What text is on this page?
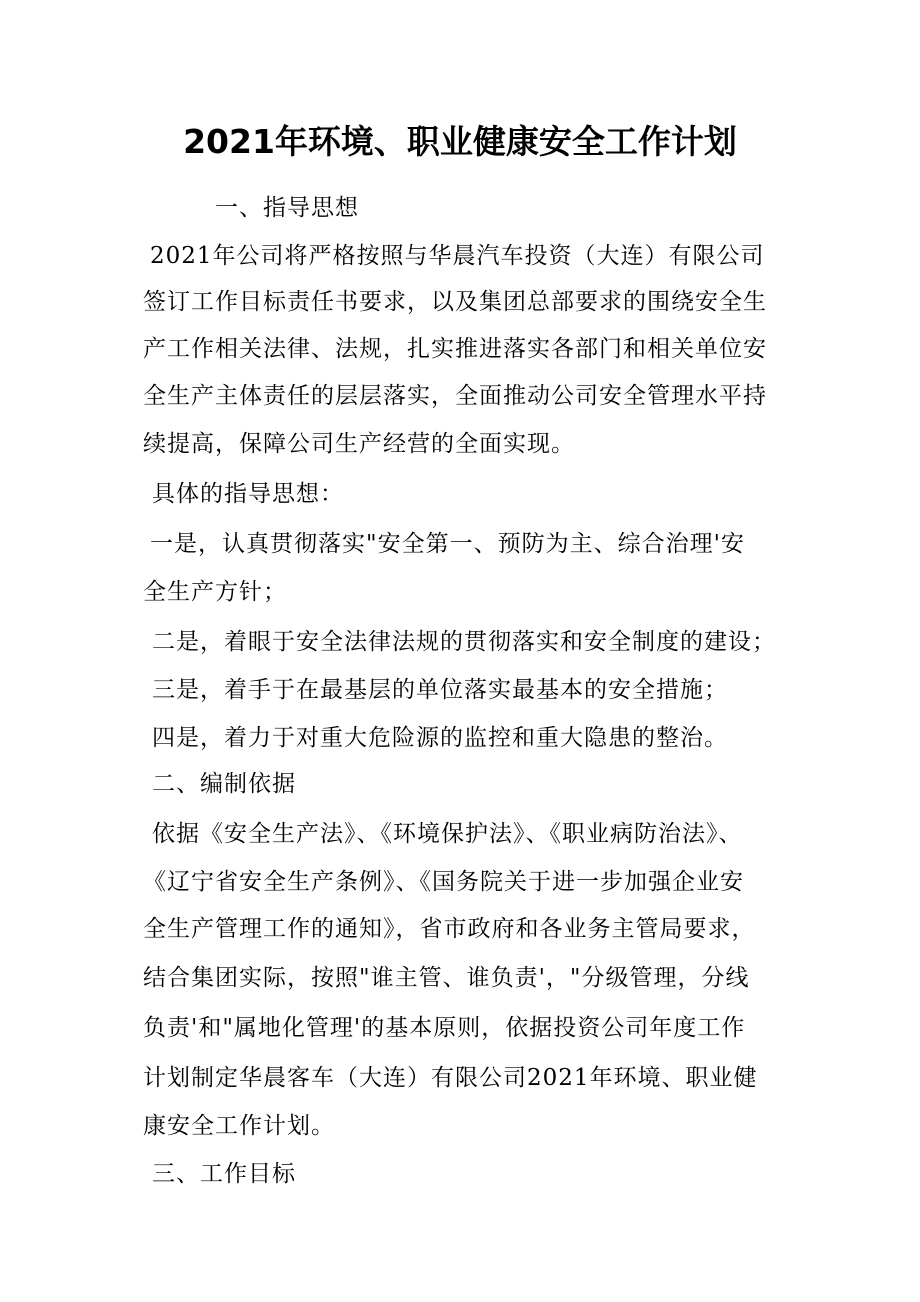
2021年环境、职业健康安全工作计划
一、指导思想
2021年公司将严格按照与华晨汽车投资（大连）有限公司
签订工作目标责任书要求，以及集团总部要求的围绕安全生
产工作相关法律、法规，扎实推进落实各部门和相关单位安
全生产主体责任的层层落实，全面推动公司安全管理水平持
续提高，保障公司生产经营的全面实现。
具体的指导思想：
一是，认真贯彻落实"安全第一、预防为主、综合治理'安
全生产方针；
二是，着眼于安全法律法规的贯彻落实和安全制度的建设；
三是，着手于在最基层的单位落实最基本的安全措施；
四是，着力于对重大危险源的监控和重大隐患的整治。
二、编制依据
依据《安全生产法》、《环境保护法》、《职业病防治法》、
《辽宁省安全生产条例》、《国务院关于进一步加强企业安
全生产管理工作的通知》，省市政府和各业务主管局要求，
结合集团实际，按照"谁主管、谁负责'，"分级管理，分线
负责'和"属地化管理'的基本原则，依据投资公司年度工作
计划制定华晨客车（大连）有限公司2021年环境、职业健
康安全工作计划。
三、工作目标
